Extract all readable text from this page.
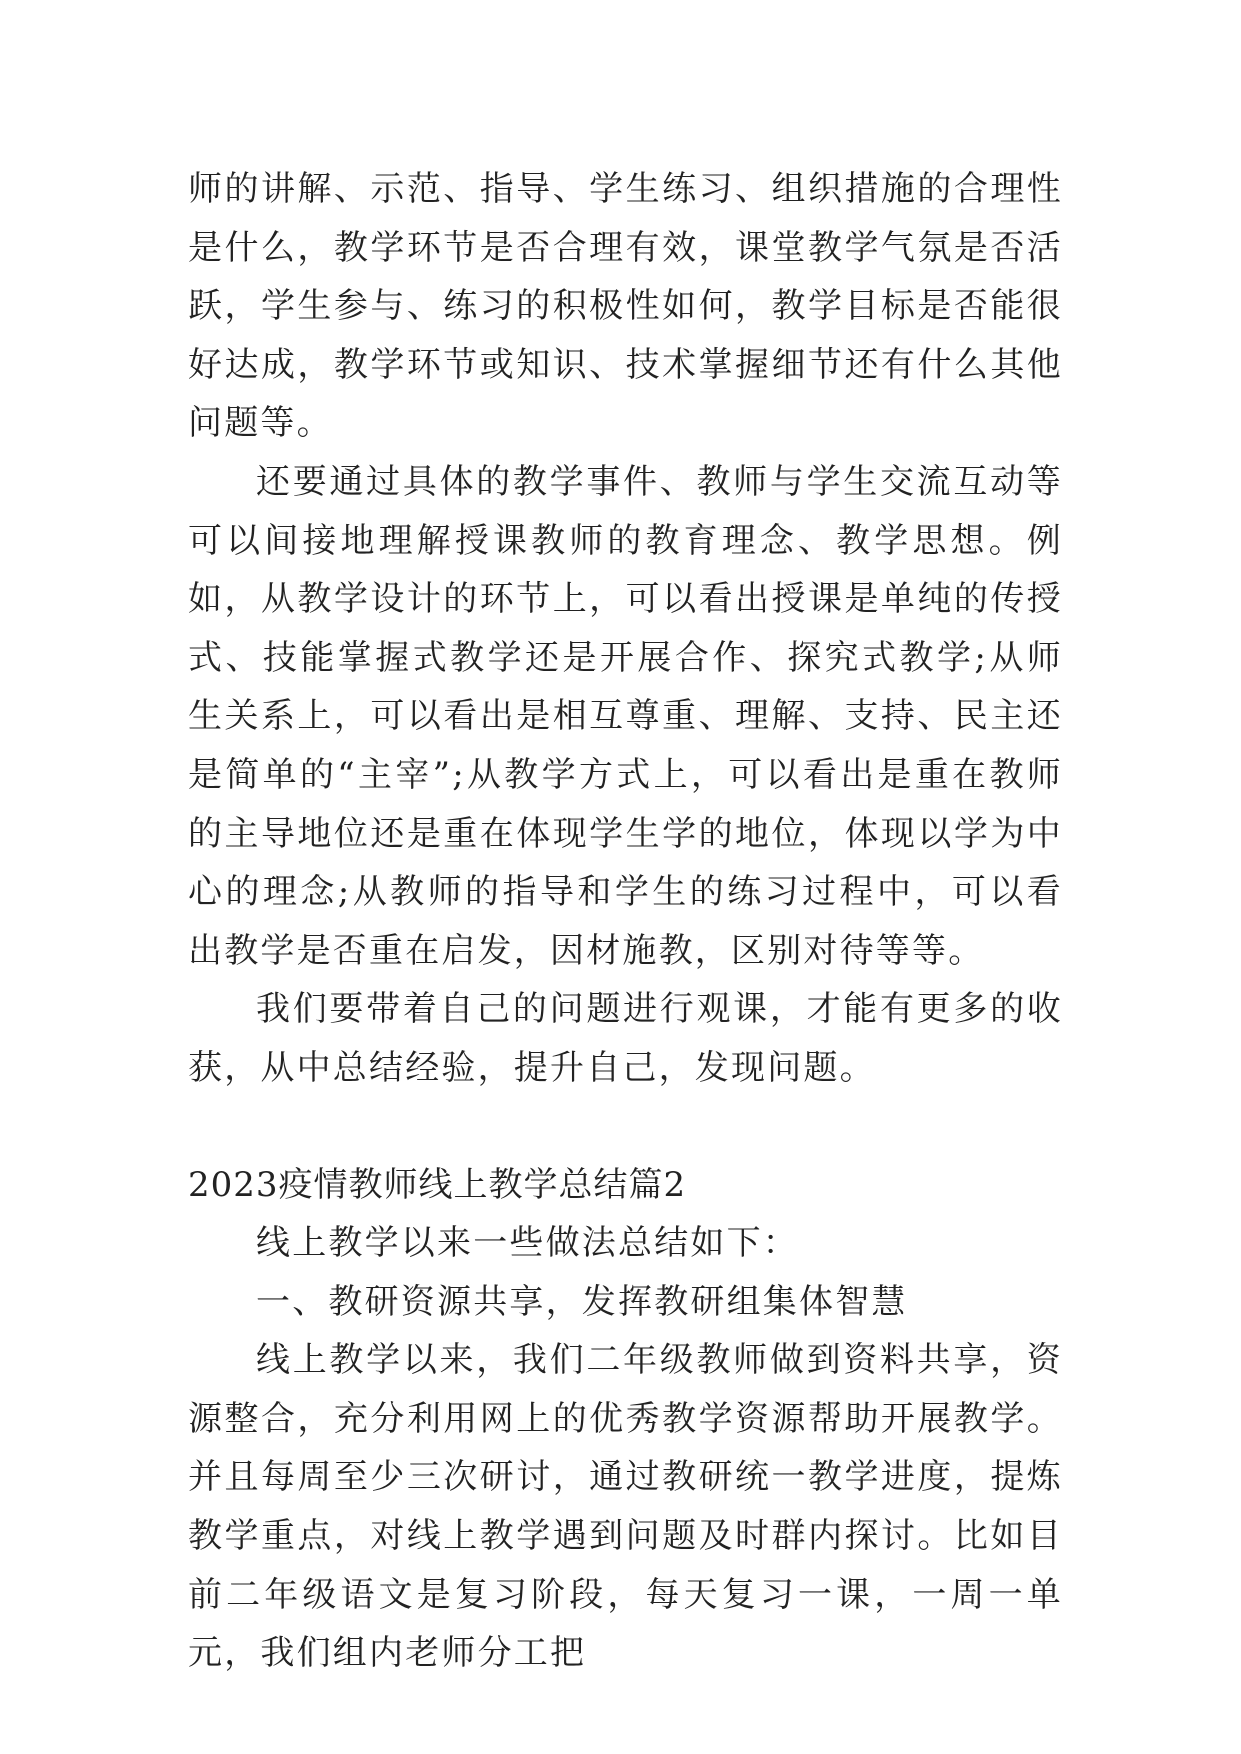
师的讲解、示范、指导、学生练习、组织措施的合理性是什么，教学环节是否合理有效，课堂教学气氛是否活跃，学生参与、练习的积极性如何，教学目标是否能很好达成，教学环节或知识、技术掌握细节还有什么其他问题等。

还要通过具体的教学事件、教师与学生交流互动等可以间接地理解授课教师的教育理念、教学思想。例如，从教学设计的环节上，可以看出授课是单纯的传授式、技能掌握式教学还是开展合作、探究式教学;从师生关系上，可以看出是相互尊重、理解、支持、民主还是简单的“主宰”;从教学方式上，可以看出是重在教师的主导地位还是重在体现学生学的地位，体现以学为中心的理念;从教师的指导和学生的练习过程中，可以看出教学是否重在启发，因材施教，区别对待等等。

我们要带着自己的问题进行观课，才能有更多的收获，从中总结经验，提升自己，发现问题。

2023疫情教师线上教学总结篇2

线上教学以来一些做法总结如下：

一、教研资源共享，发挥教研组集体智慧

线上教学以来，我们二年级教师做到资料共享，资源整合，充分利用网上的优秀教学资源帮助开展教学。并且每周至少三次研讨，通过教研统一教学进度，提炼教学重点，对线上教学遇到问题及时群内探讨。比如目前二年级语文是复习阶段，每天复习一课，一周一单元，我们组内老师分工把
